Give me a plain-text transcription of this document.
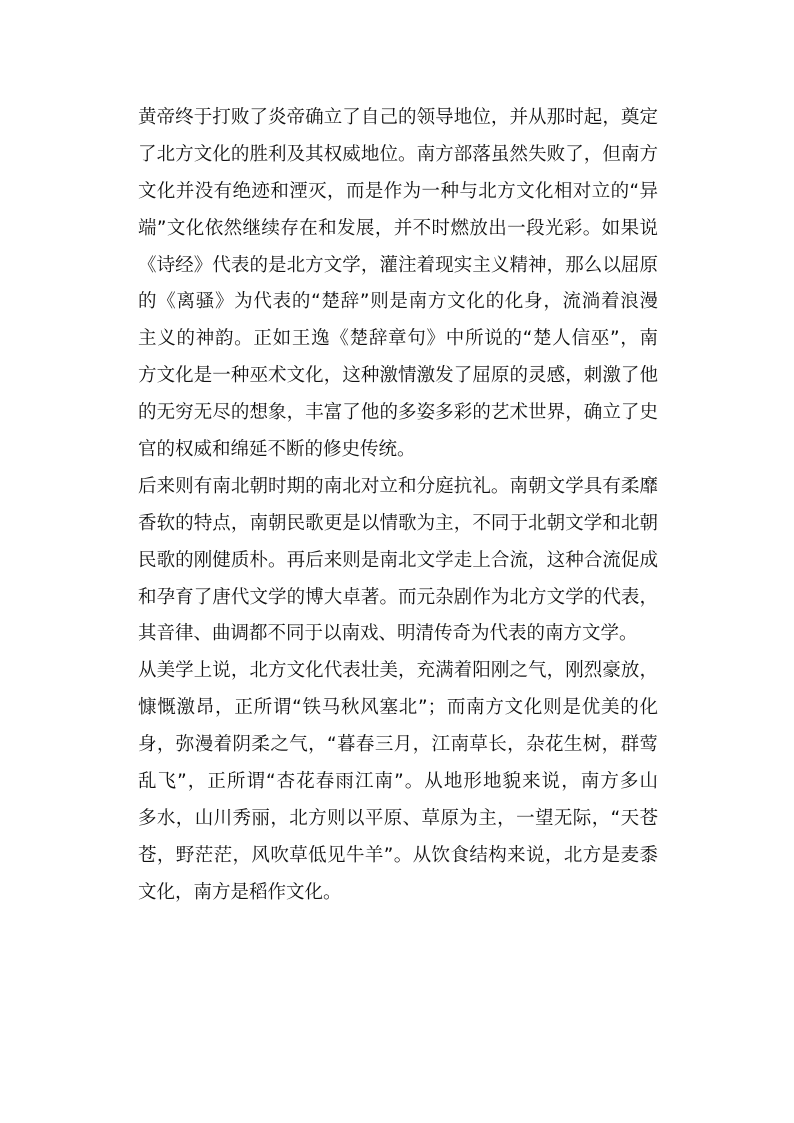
黄帝终于打败了炎帝确立了自己的领导地位，并从那时起，奠定
了北方文化的胜利及其权威地位。南方部落虽然失败了，但南方
文化并没有绝迹和湮灭，而是作为一种与北方文化相对立的“异
端”文化依然继续存在和发展，并不时燃放出一段光彩。如果说
《诗经》代表的是北方文学，灌注着现实主义精神，那么以屈原
的《离骚》为代表的“楚辞”则是南方文化的化身，流淌着浪漫
主义的神韵。正如王逸《楚辞章句》中所说的“楚人信巫”，南
方文化是一种巫术文化，这种激情激发了屈原的灵感，刺激了他
的无穷无尽的想象，丰富了他的多姿多彩的艺术世界，确立了史
官的权威和绵延不断的修史传统。
后来则有南北朝时期的南北对立和分庭抗礼。南朝文学具有柔靡
香软的特点，南朝民歌更是以情歌为主，不同于北朝文学和北朝
民歌的刚健质朴。再后来则是南北文学走上合流，这种合流促成
和孕育了唐代文学的博大卓著。而元杂剧作为北方文学的代表，
其音律、曲调都不同于以南戏、明清传奇为代表的南方文学。
从美学上说，北方文化代表壮美，充满着阳刚之气，刚烈豪放，
慷慨激昂，正所谓“铁马秋风塞北”；而南方文化则是优美的化
身，弥漫着阴柔之气，“暮春三月，江南草长，杂花生树，群莺
乱飞”，正所谓“杏花春雨江南”。从地形地貌来说，南方多山
多水，山川秀丽，北方则以平原、草原为主，一望无际，“天苍
苍，野茫茫，风吹草低见牛羊”。从饮食结构来说，北方是麦黍
文化，南方是稻作文化。
